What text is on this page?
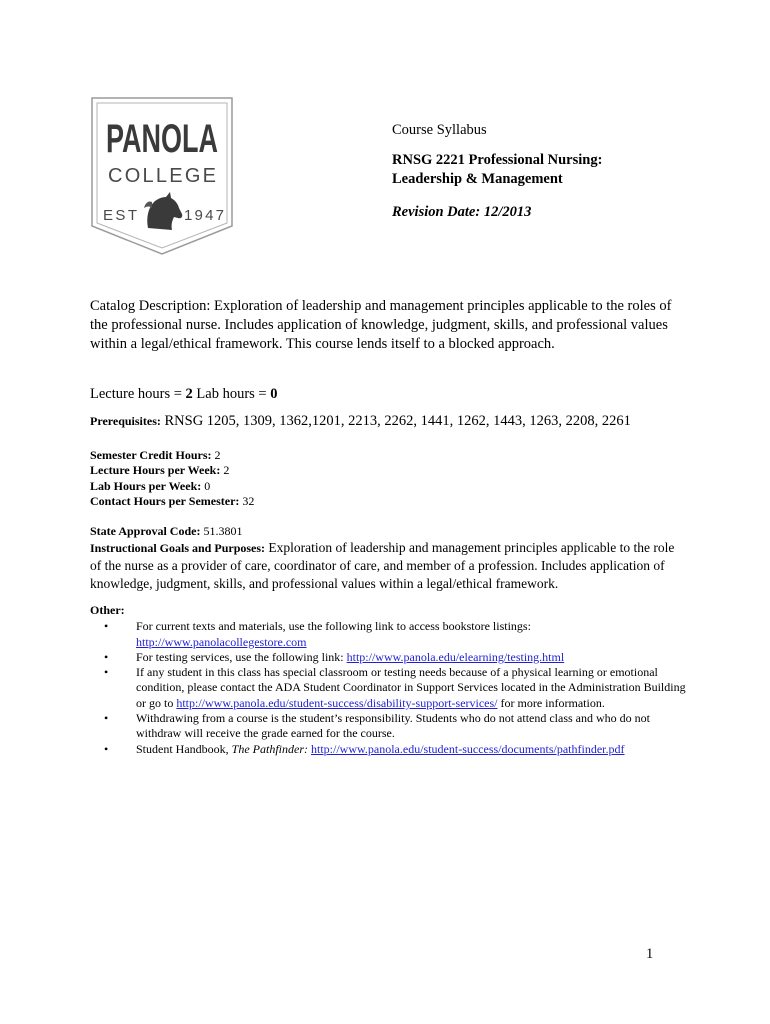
PANOLA
COLLEGE
EST	1947

Course Syllabus

RNSG 2221 Professional Nursing:
Leadership & Management

Revision Date: 12/2013

Catalog Description: Exploration of leadership and management principles applicable to the roles of the professional nurse. Includes application of knowledge, judgment, skills, and professional values within a legal/ethical framework. This course lends itself to a blocked approach.

Lecture hours = 2 Lab hours = 0

Prerequisites: RNSG 1205, 1309, 1362,1201, 2213, 2262, 1441, 1262, 1443, 1263, 2208, 2261

Semester Credit Hours: 2

Lecture Hours per Week: 2

Lab Hours per Week: 0

Contact Hours per Semester: 32

State Approval Code: 51.3801

Instructional Goals and Purposes: Exploration of leadership and management principles applicable to the role of the nurse as a provider of care, coordinator of care, and member of a profession. Includes application of knowledge, judgment, skills, and professional values within a legal/ethical framework.

Other:

• For current texts and materials, use the following link to access bookstore listings: http://www.panolacollegestore.com
• For testing services, use the following link: http://www.panola.edu/elearning/testing.html
• If any student in this class has special classroom or testing needs because of a physical learning or emotional condition, please contact the ADA Student Coordinator in Support Services located in the Administration Building or go to http://www.panola.edu/student-success/disability-support-services/ for more information.
• Withdrawing from a course is the student’s responsibility. Students who do not attend class and who do not withdraw will receive the grade earned for the course.
• Student Handbook, The Pathfinder: http://www.panola.edu/student-success/documents/pathfinder.pdf
1
